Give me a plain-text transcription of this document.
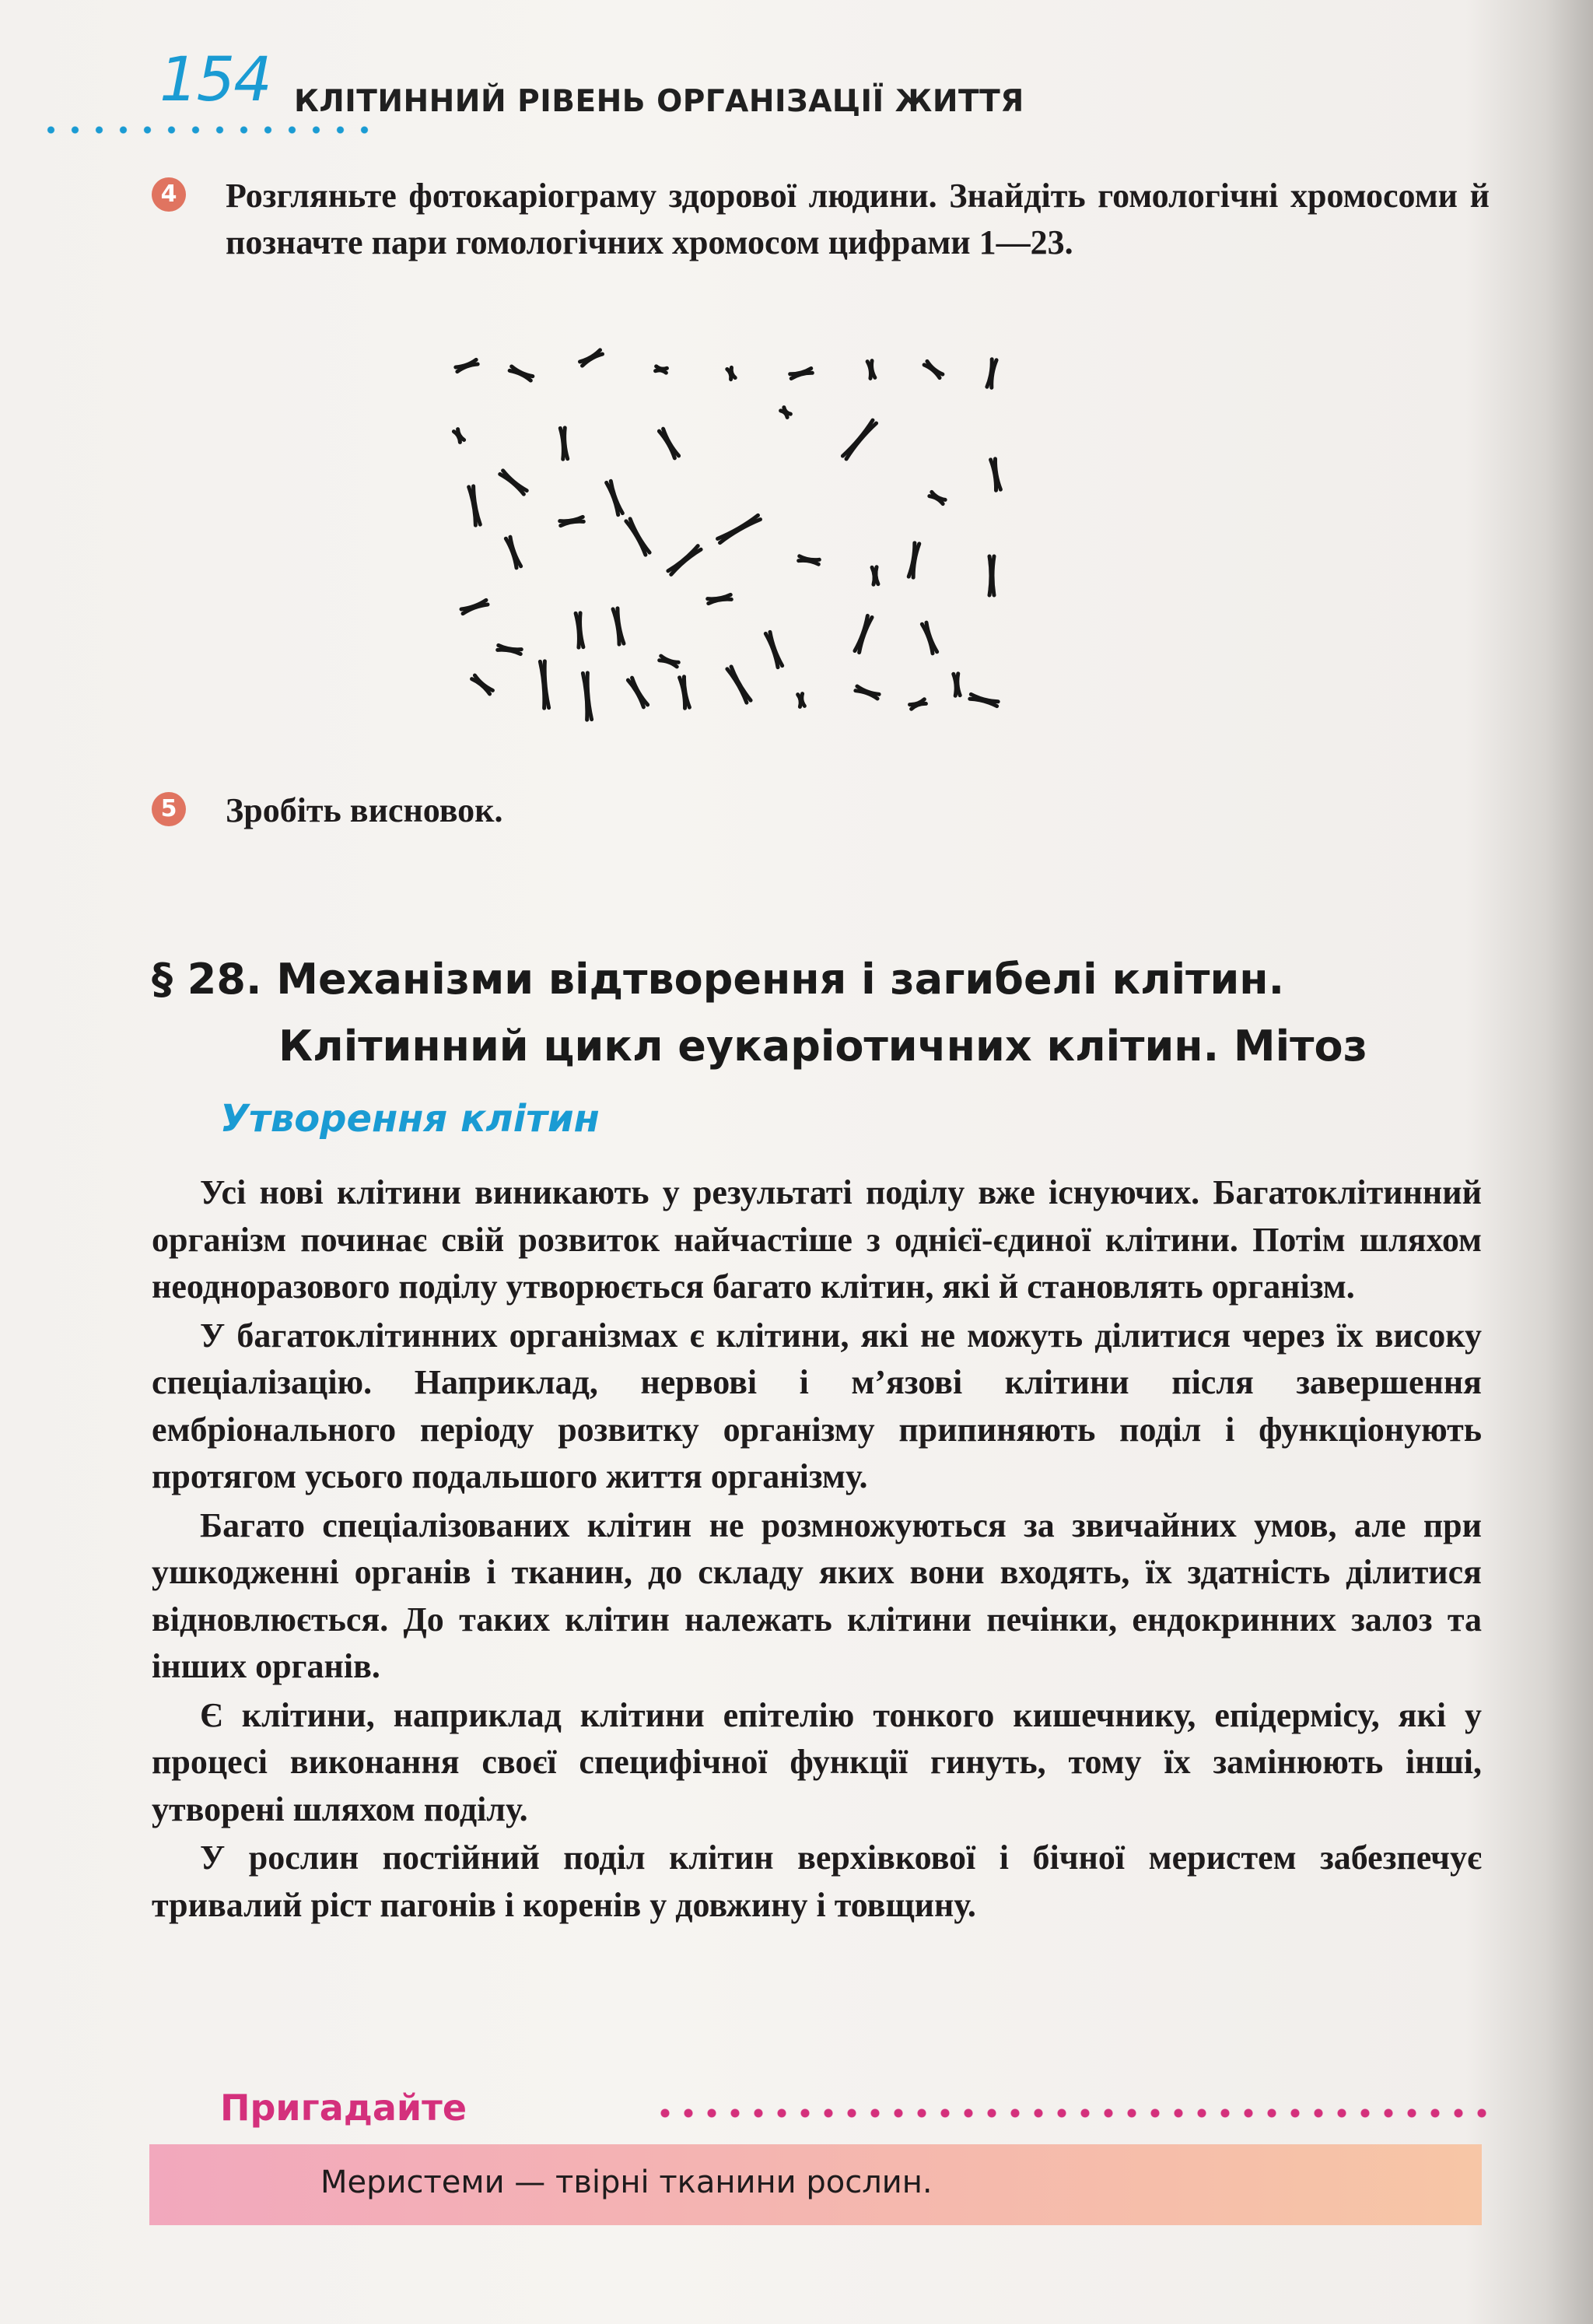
154 КЛІТИННИЙ РІВЕНЬ ОРГАНІЗАЦІЇ ЖИТТЯ
4	Розгляньте фотокаріограму здорової людини. Знайдіть гомологічні хромосоми й позначте пари гомологічних хромосом цифрами 1—23.
5	Зробіть висновок.
§ 28. Механізми відтворення і загибелі клітин.
Клітинний цикл еукаріотичних клітин. Мітоз
Утворення клітин

Усі нові клітини виникають у результаті поділу вже існуючих. Багатоклітинний організм починає свій розвиток найчастіше з однієї-єдиної клітини. Потім шляхом неодноразового поділу утворюється багато клітин, які й становлять організм.

У багатоклітинних організмах є клітини, які не можуть ділитися через їх високу спеціалізацію. Наприклад, нервові і м’язові клітини після завершення ембріонального періоду розвитку організму припиняють поділ і функціонують протягом усього подальшого життя організму.

Багато спеціалізованих клітин не розмножуються за звичайних умов, але при ушкодженні органів і тканин, до складу яких вони входять, їх здатність ділитися відновлюється. До таких клітин належать клітини печінки, ендокринних залоз та інших органів.

Є клітини, наприклад клітини епітелію тонкого кишечнику, епідермісу, які у процесі виконання своєї специфічної функції гинуть, тому їх замінюють інші, утворені шляхом поділу.

У рослин постійний поділ клітин верхівкової і бічної меристем забезпечує тривалий ріст пагонів і коренів у довжину і товщину.

Пригадайте
Меристеми — твірні тканини рослин.
